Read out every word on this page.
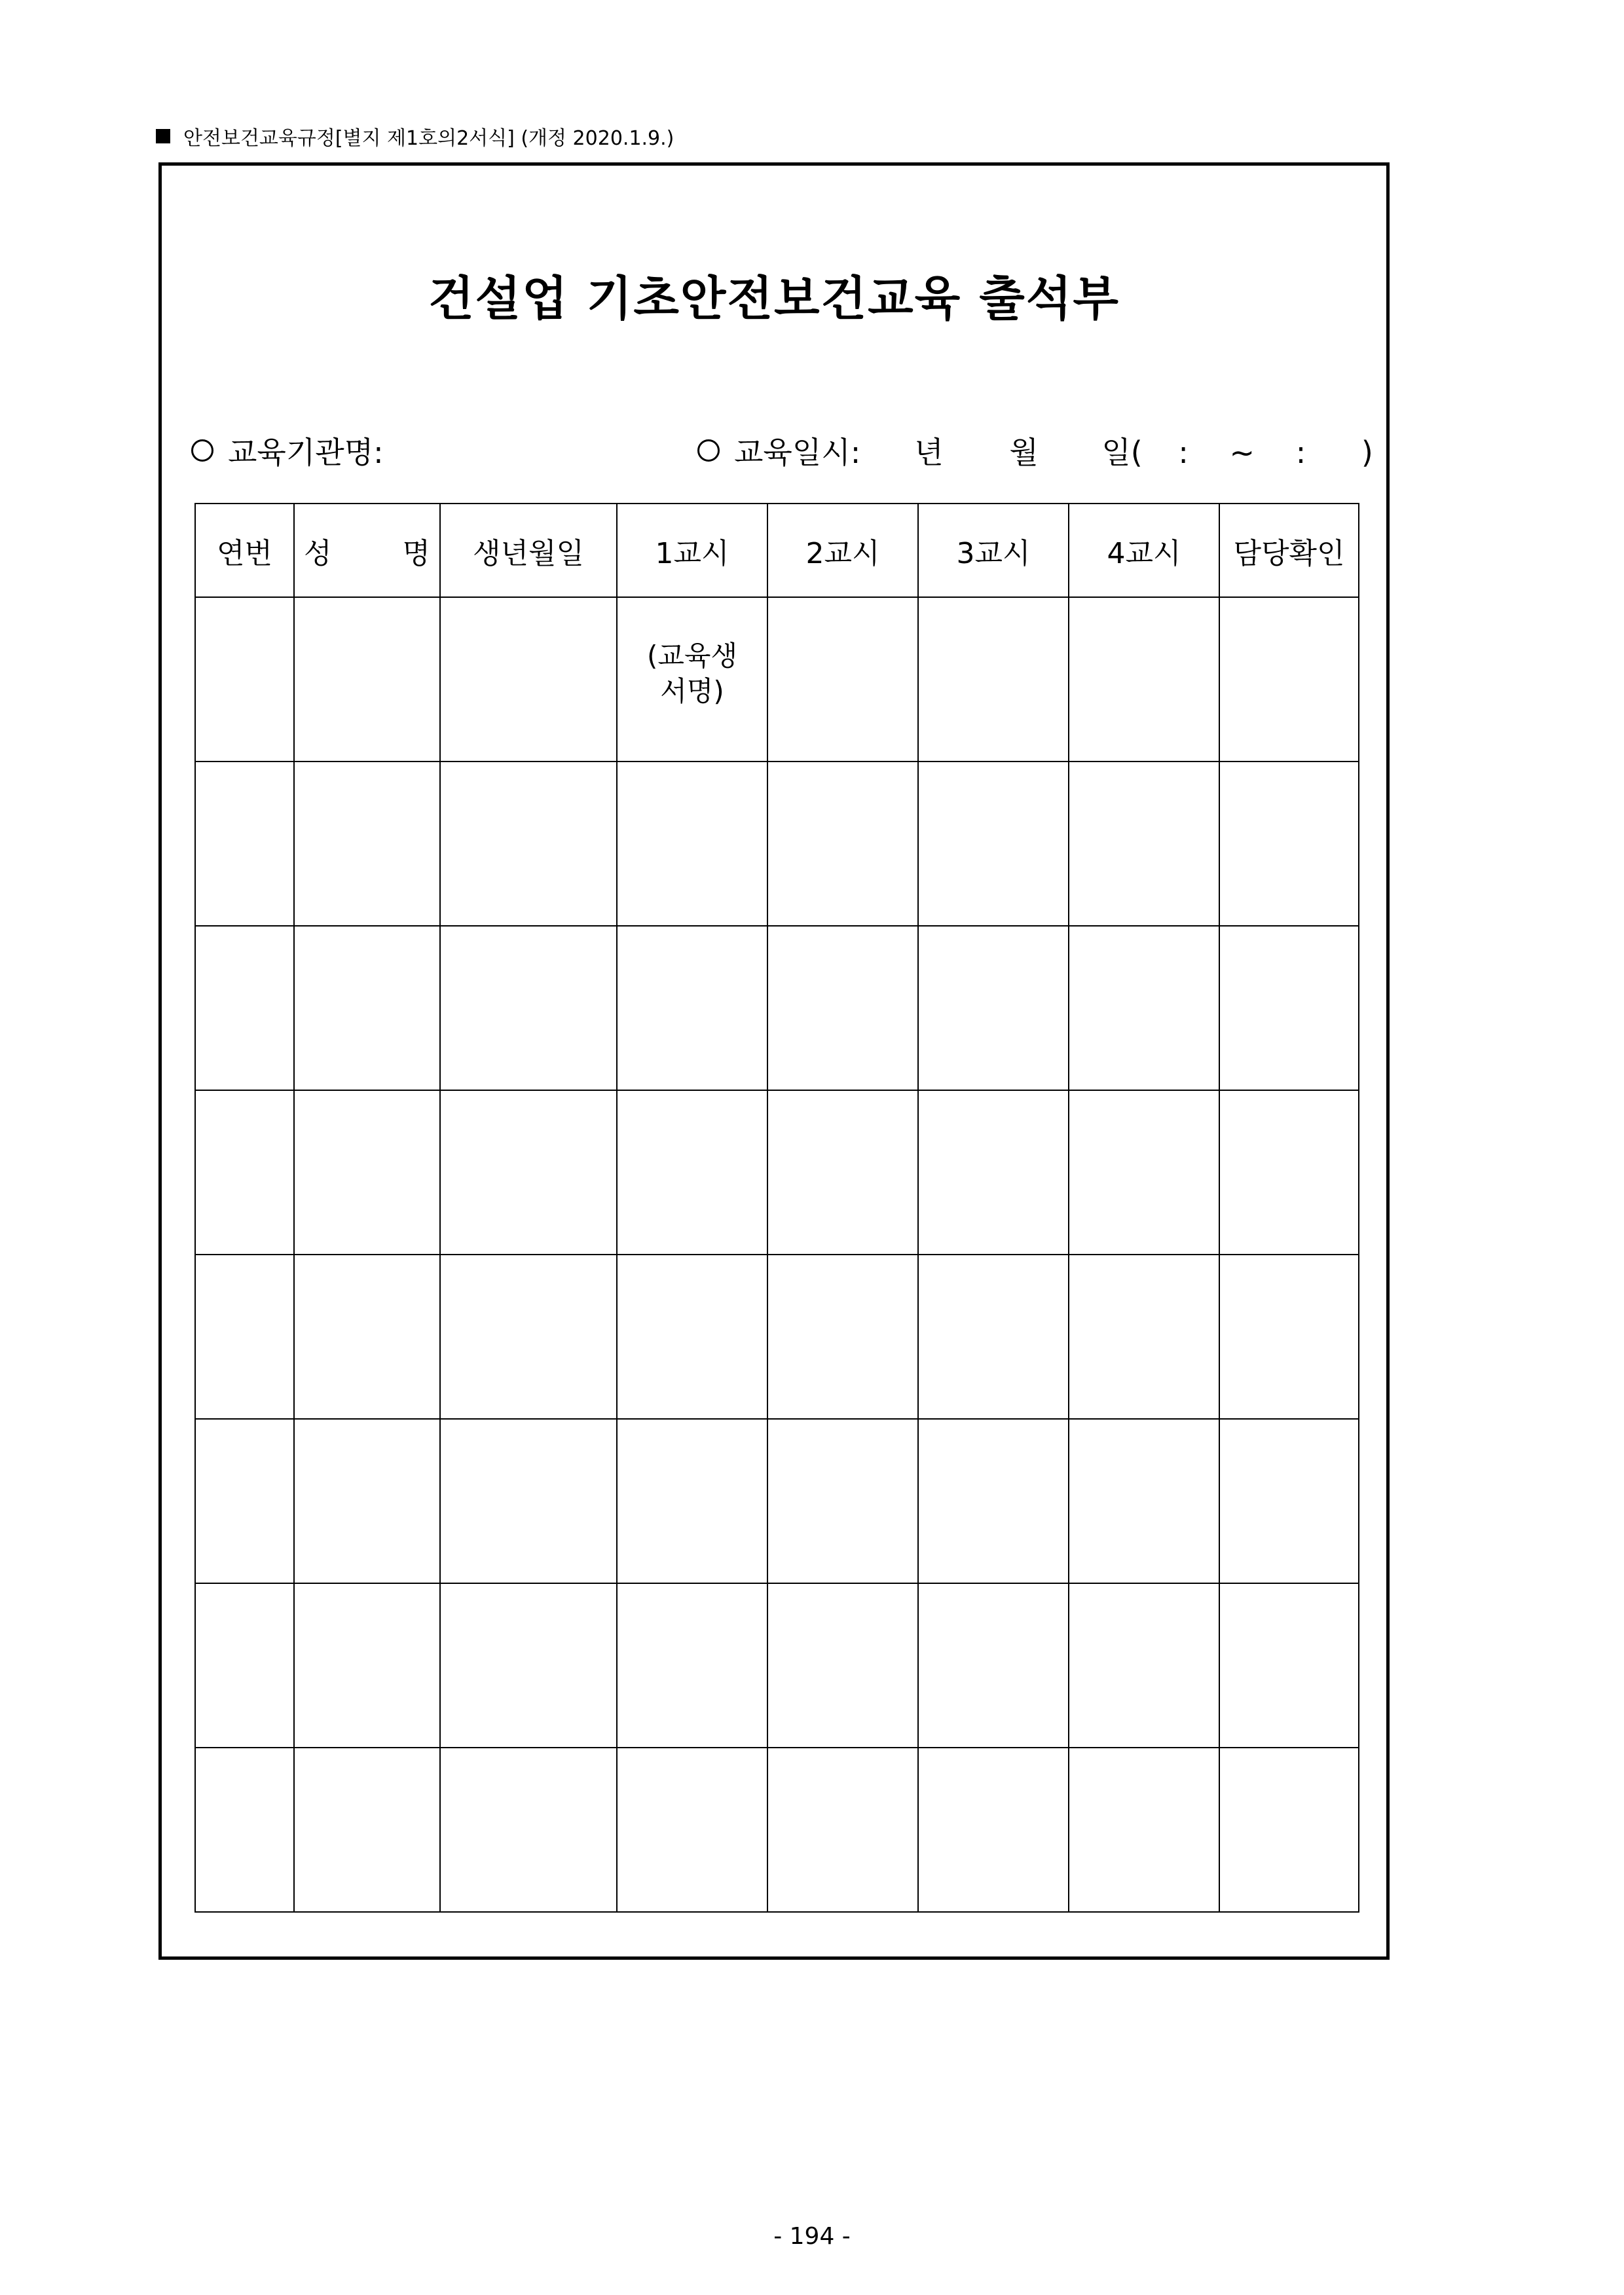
안전보건교육규정[별지 제1호의2서식] (개정 2020.1.9.)
건설업 기초안전보건교육 출석부
교육기관명:	교육일시:	년 월 일( : ~ : )
연번	성  명	생년월일	1교시	2교시	3교시	4교시	담당확인

			(교육생
서명)				

- 194 -
